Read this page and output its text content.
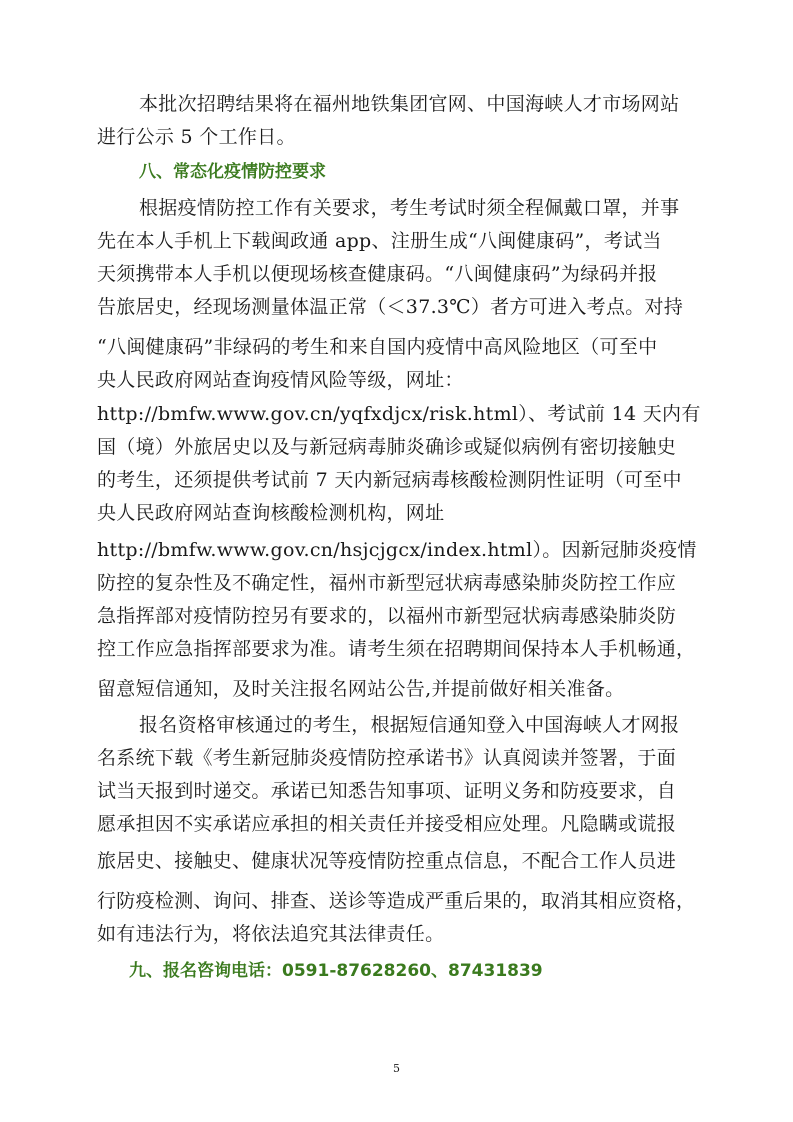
本批次招聘结果将在福州地铁集团官网、中国海峡人才市场网站
进行公示 5 个工作日。
八、常态化疫情防控要求
根据疫情防控工作有关要求，考生考试时须全程佩戴口罩，并事
先在本人手机上下载闽政通 app、注册生成“八闽健康码”，考试当
天须携带本人手机以便现场核查健康码。“八闽健康码”为绿码并报
告旅居史，经现场测量体温正常（＜37.3℃）者方可进入考点。对持
“八闽健康码”非绿码的考生和来自国内疫情中高风险地区（可至中
央人民政府网站查询疫情风险等级，网址：
http://bmfw.www.gov.cn/yqfxdjcx/risk.html）、考试前 14 天内有
国（境）外旅居史以及与新冠病毒肺炎确诊或疑似病例有密切接触史
的考生，还须提供考试前 7 天内新冠病毒核酸检测阴性证明（可至中
央人民政府网站查询核酸检测机构，网址
http://bmfw.www.gov.cn/hsjcjgcx/index.html）。因新冠肺炎疫情
防控的复杂性及不确定性，福州市新型冠状病毒感染肺炎防控工作应
急指挥部对疫情防控另有要求的，以福州市新型冠状病毒感染肺炎防
控工作应急指挥部要求为准。请考生须在招聘期间保持本人手机畅通，
留意短信通知，及时关注报名网站公告,并提前做好相关准备。
报名资格审核通过的考生，根据短信通知登入中国海峡人才网报
名系统下载《考生新冠肺炎疫情防控承诺书》认真阅读并签署，于面
试当天报到时递交。承诺已知悉告知事项、证明义务和防疫要求，自
愿承担因不实承诺应承担的相关责任并接受相应处理。凡隐瞒或谎报
旅居史、接触史、健康状况等疫情防控重点信息，不配合工作人员进
行防疫检测、询问、排查、送诊等造成严重后果的，取消其相应资格，
如有违法行为，将依法追究其法律责任。
九、报名咨询电话：0591-87628260、87431839
5
